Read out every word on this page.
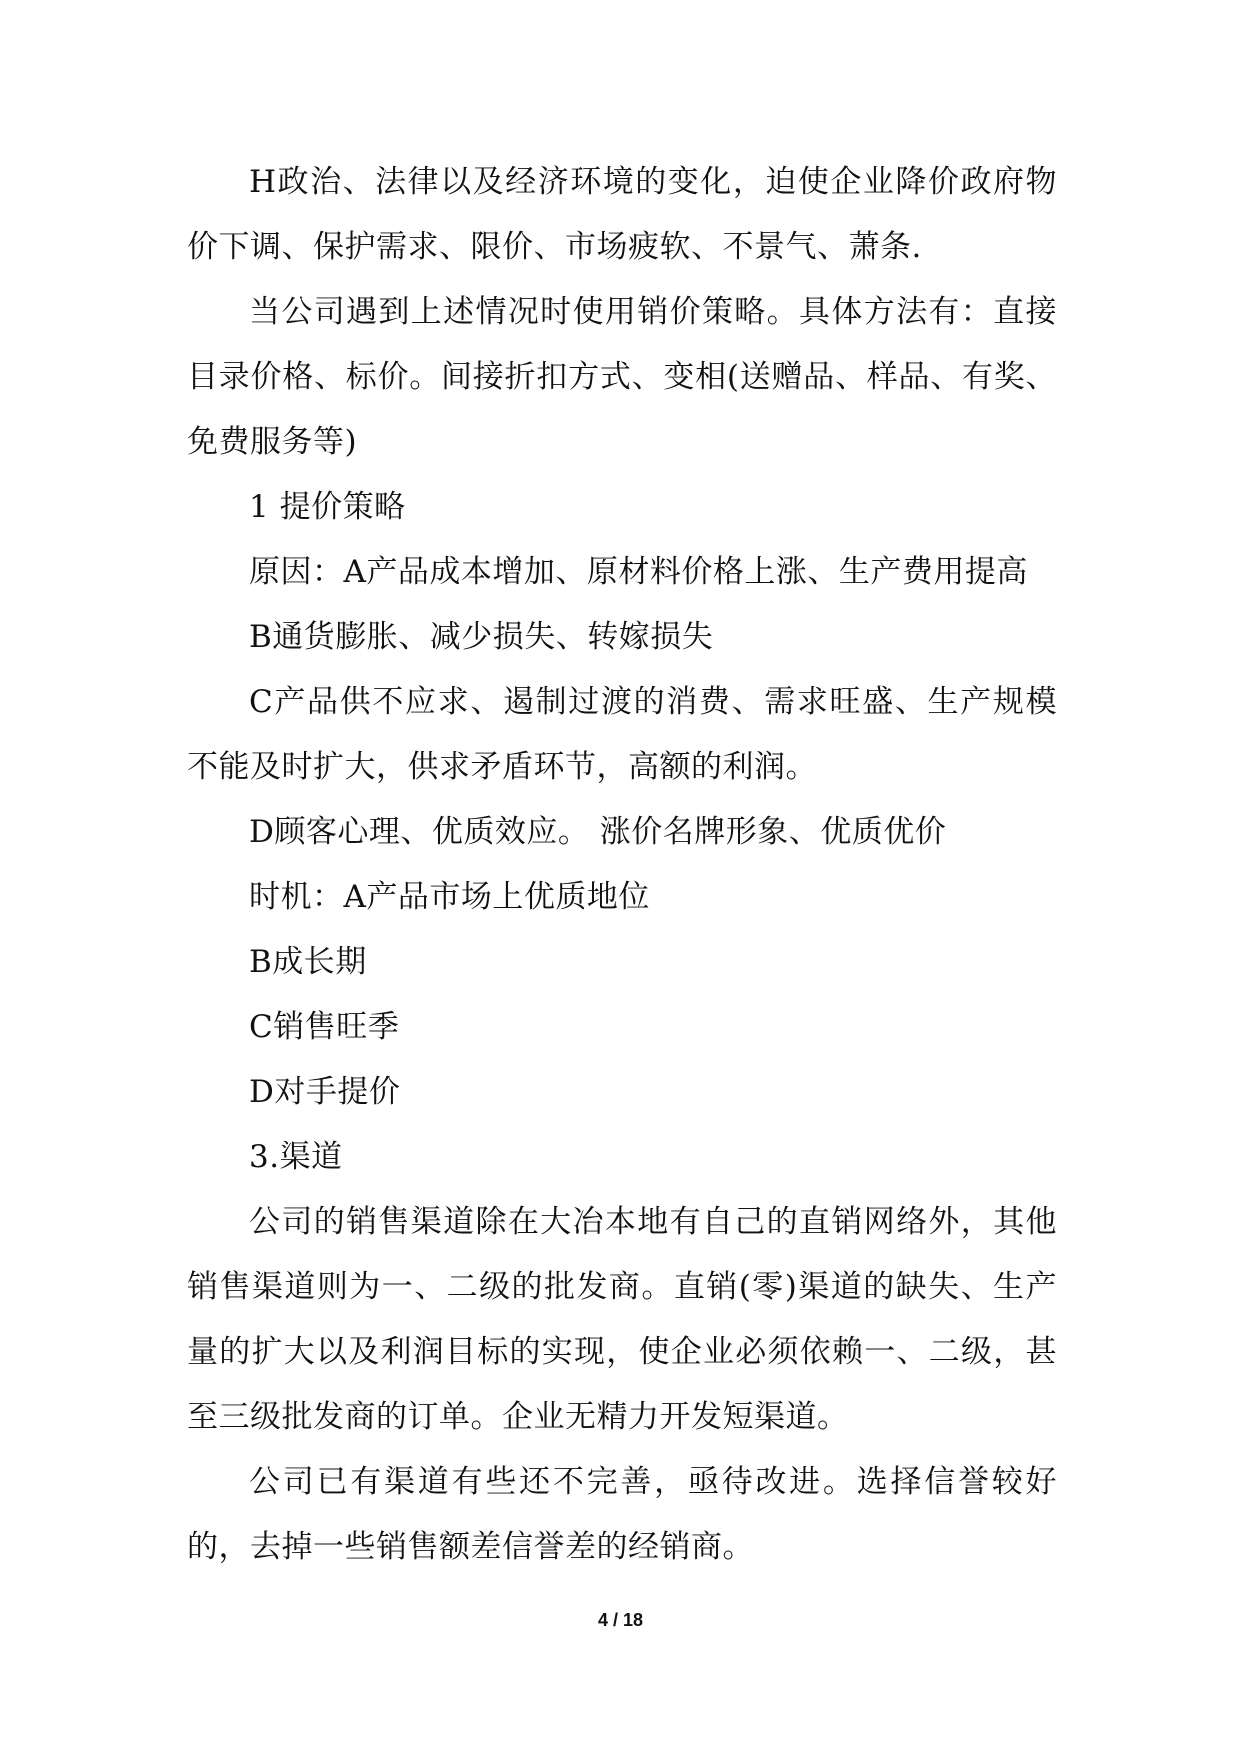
H政治、法律以及经济环境的变化，迫使企业降价政府物价下调、保护需求、限价、市场疲软、不景气、萧条.

当公司遇到上述情况时使用销价策略。具体方法有：直接目录价格、标价。间接折扣方式、变相(送赠品、样品、有奖、免费服务等)

1 提价策略

原因：A产品成本增加、原材料价格上涨、生产费用提高

B通货膨胀、减少损失、转嫁损失

C产品供不应求、遏制过渡的消费、需求旺盛、生产规模不能及时扩大，供求矛盾环节，高额的利润。

D顾客心理、优质效应。 涨价名牌形象、优质优价

时机：A产品市场上优质地位

B成长期

C销售旺季

D对手提价

3.渠道

公司的销售渠道除在大冶本地有自己的直销网络外，其他销售渠道则为一、二级的批发商。直销(零)渠道的缺失、生产量的扩大以及利润目标的实现，使企业必须依赖一、二级，甚至三级批发商的订单。企业无精力开发短渠道。

公司已有渠道有些还不完善，亟待改进。选择信誉较好的，去掉一些销售额差信誉差的经销商。

4 / 18
